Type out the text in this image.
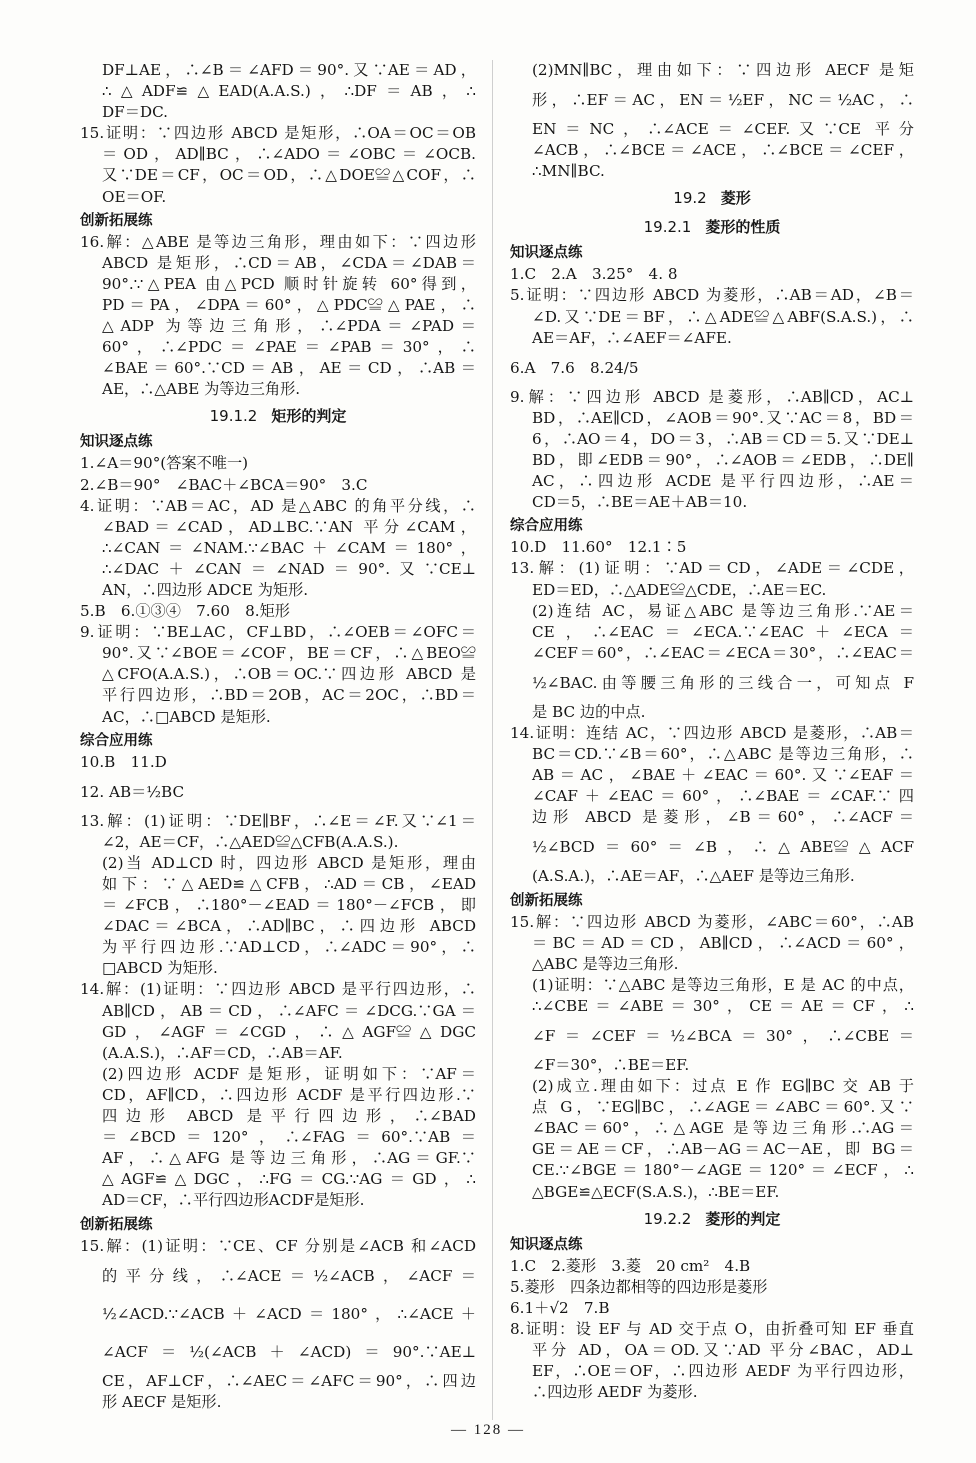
DF⊥AE，∴∠B＝∠AFD＝90°.又∵AE＝AD，
∴△ADF≌△EAD(A.A.S.)，∴DF＝AB，∴
DF＝DC.
15.证明：∵四边形 ABCD 是矩形，∴OA＝OC＝OB
＝OD，AD∥BC，∴∠ADO＝∠OBC＝∠OCB.
又∵DE＝CF，OC＝OD，∴△DOE≌△COF，∴
OE＝OF.
创新拓展练
16.解：△ABE 是等边三角形，理由如下：∵四边形
ABCD 是矩形，∴CD＝AB，∠CDA＝∠DAB＝
90°.∵△PEA 由△PCD 顺时针旋转 60°得到，
PD＝PA，∠DPA＝60°，△PDC≌△PAE，∴
△ADP 为等边三角形，∴∠PDA＝∠PAD＝
60°，∴∠PDC＝∠PAE＝∠PAB＝30°，∴
∠BAE＝60°.∵CD＝AB，AE＝CD，∴AB＝
AE，∴△ABE 为等边三角形.
19.1.2 矩形的判定
知识逐点练
1.∠A＝90°(答案不唯一)
2.∠B＝90°　∠BAC＋∠BCA＝90°　3.C
4.证明：∵AB＝AC，AD 是△ABC 的角平分线，∴
∠BAD＝∠CAD，AD⊥BC.∵AN 平分∠CAM，
∴∠CAN＝∠NAM.∵∠BAC＋∠CAM＝180°，
∴∠DAC＋∠CAN＝∠NAD＝90°.又∵CE⊥
AN，∴四边形 ADCE 为矩形.
5.B　6.①③④　7.60　8.矩形
9.证明：∵BE⊥AC，CF⊥BD，∴∠OEB＝∠OFC＝
90°.又∵∠BOE＝∠COF，BE＝CF，∴△BEO≌
△CFO(A.A.S.)，∴OB＝OC.∵四边形 ABCD 是
平行四边形，∴BD＝2OB，AC＝2OC，∴BD＝
AC，∴□ABCD 是矩形.
综合应用练
10.B　11.D
12. AB＝½BC
13.解：(1)证明：∵DE∥BF，∴∠E＝∠F.又∵∠1＝
∠2，AE＝CF，∴△AED≌△CFB(A.A.S.).
(2)当 AD⊥CD 时，四边形 ABCD 是矩形，理由
如下：∵△AED≌△CFB，∴AD＝CB，∠EAD
＝∠FCB，∴180°－∠EAD＝180°－∠FCB，即
∠DAC＝∠BCA，∴AD∥BC，∴四边形 ABCD
为平行四边形.∵AD⊥CD，∴∠ADC＝90°，∴
□ABCD 为矩形.
14.解：(1)证明：∵四边形 ABCD 是平行四边形，∴
AB∥CD，AB＝CD，∴∠AFC＝∠DCG.∵GA＝
GD，∠AGF＝∠CGD，∴△AGF≌△DGC
(A.A.S.)，∴AF＝CD，∴AB＝AF.
(2)四边形 ACDF 是矩形，证明如下：∵AF＝
CD，AF∥CD，∴四边形 ACDF 是平行四边形.∵
四边形 ABCD 是平行四边形，∴∠BAD
＝∠BCD＝120°，∴∠FAG＝60°.∵AB＝
AF，∴△AFG 是等边三角形，∴AG＝GF.∵
△AGF≌△DGC，∴FG＝CG.∵AG＝GD，∴
AD＝CF，∴平行四边形ACDF是矩形.
创新拓展练
15.解：(1)证明：∵CE、CF 分别是∠ACB 和∠ACD
的平分线，∴∠ACE＝½∠ACB，∠ACF＝
½∠ACD.∵∠ACB＋∠ACD＝180°，∴∠ACE＋
∠ACF＝½(∠ACB＋∠ACD)＝90°.∵AE⊥
CE，AF⊥CF，∴∠AEC＝∠AFC＝90°，∴四边
形 AECF 是矩形.
(2)MN∥BC，理由如下：∵四边形 AECF 是矩
形，∴EF＝AC，EN＝½EF，NC＝½AC，∴
EN＝NC，∴∠ACE＝∠CEF.又∵CE 平分
∠ACB，∴∠BCE＝∠ACE，∴∠BCE＝∠CEF，
∴MN∥BC.
19.2 菱形
19.2.1 菱形的性质
知识逐点练
1.C　2.A　3.25°　4. 8
5.证明：∵四边形 ABCD 为菱形，∴AB＝AD，∠B＝
∠D.又∵DE＝BF，∴△ADE≌△ABF(S.A.S.)，∴
AE＝AF，∴∠AEF＝∠AFE.
6.A　7.6　8.24/5
9.解：∵四边形 ABCD 是菱形，∴AB∥CD，AC⊥
BD，∴AE∥CD，∠AOB＝90°.又∵AC＝8，BD＝
6，∴AO＝4，DO＝3，∴AB＝CD＝5.又∵DE⊥
BD，即∠EDB＝90°，∴∠AOB＝∠EDB，∴DE∥
AC，∴四边形 ACDE 是平行四边形，∴AE＝
CD＝5，∴BE＝AE＋AB＝10.
综合应用练
10.D　11.60°　12.1∶5
13.解：(1)证明：∵AD＝CD，∠ADE＝∠CDE，
ED＝ED，∴△ADE≌△CDE，∴AE＝EC.
(2)连结 AC，易证△ABC 是等边三角形.∵AE＝
CE，∴∠EAC＝∠ECA.∵∠EAC＋∠ECA＝
∠CEF＝60°，∴∠EAC＝∠ECA＝30°，∴∠EAC＝
½∠BAC.由等腰三角形的三线合一，可知点 F
是 BC 边的中点.
14.证明：连结 AC，∵四边形 ABCD 是菱形，∴AB＝
BC＝CD.∵∠B＝60°，∴△ABC 是等边三角形，∴
AB＝AC，∠BAE＋∠EAC＝60°.又∵∠EAF＝
∠CAF＋∠EAC＝60°，∴∠BAE＝∠CAF.∵四
边形 ABCD 是菱形，∠B＝60°，∴∠ACF＝
½∠BCD＝60°＝∠B，∴△ABE≌△ACF
(A.S.A.)，∴AE＝AF，∴△AEF 是等边三角形.
创新拓展练
15.解：∵四边形 ABCD 为菱形，∠ABC＝60°，∴AB
＝BC＝AD＝CD，AB∥CD，∴∠ACD＝60°，
△ABC 是等边三角形.
(1)证明：∵△ABC 是等边三角形，E 是 AC 的中点，
∴∠CBE＝∠ABE＝30°，CE＝AE＝CF，∴
∠F＝∠CEF＝½∠BCA＝30°，∴∠CBE＝
∠F＝30°，∴BE＝EF.
(2)成立.理由如下：过点 E 作 EG∥BC 交 AB 于
点 G，∵EG∥BC，∴∠AGE＝∠ABC＝60°.又∵
∠BAC＝60°，∴△AGE 是等边三角形.∴AG＝
GE＝AE＝CF，∴AB－AG＝AC－AE，即 BG＝
CE.∵∠BGE＝180°－∠AGE＝120°＝∠ECF，∴
△BGE≌△ECF(S.A.S.)，∴BE＝EF.
19.2.2 菱形的判定
知识逐点练
1.C　2.菱形　3.菱　20 cm²　4.B
5.菱形　四条边都相等的四边形是菱形
6.1＋√2　7.B
8.证明：设 EF 与 AD 交于点 O，由折叠可知 EF 垂直
平分 AD，OA＝OD.又∵AD 平分∠BAC，AD⊥
EF，∴OE＝OF，∴四边形 AEDF 为平行四边形，
∴四边形 AEDF 为菱形.
— 128 —
